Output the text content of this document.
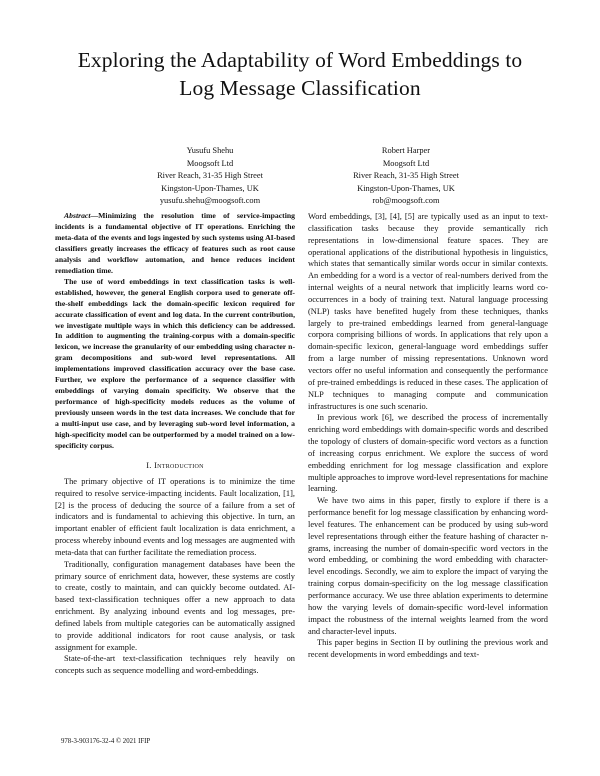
Exploring the Adaptability of Word Embeddings to
Log Message Classification
Yusufu Shehu
Moogsoft Ltd
River Reach, 31-35 High Street
Kingston-Upon-Thames, UK
yusufu.shehu@moogsoft.com
Robert Harper
Moogsoft Ltd
River Reach, 31-35 High Street
Kingston-Upon-Thames, UK
rob@moogsoft.com

Abstract—Minimizing the resolution time of service-impacting incidents is a fundamental objective of IT operations. Enriching the meta-data of the events and logs ingested by such systems using AI-based classifiers greatly increases the efficacy of features such as root cause analysis and workflow automation, and hence reduces incident remediation time.

The use of word embeddings in text classification tasks is well-established, however, the general English corpora used to generate off-the-shelf embeddings lack the domain-specific lexicon required for accurate classification of event and log data. In the current contribution, we investigate multiple ways in which this deficiency can be addressed. In addition to augmenting the training-corpus with a domain-specific lexicon, we increase the granularity of our embedding using character n-gram decompositions and sub-word level representations. All implementations improved classification accuracy over the base case. Further, we explore the performance of a sequence classifier with embeddings of varying domain specificity. We observe that the performance of high-specificity models reduces as the volume of previously unseen words in the test data increases. We conclude that for a multi-input use case, and by leveraging sub-word level information, a high-specificity model can be outperformed by a model trained on a low-specificity corpus.

I. Introduction

The primary objective of IT operations is to minimize the time required to resolve service-impacting incidents. Fault localization, [1], [2] is the process of deducing the source of a failure from a set of indicators and is fundamental to achieving this objective. In turn, an important enabler of efficient fault localization is data enrichment, a process whereby inbound events and log messages are augmented with meta-data that can further facilitate the remediation process.

Traditionally, configuration management databases have been the primary source of enrichment data, however, these systems are costly to create, costly to maintain, and can quickly become outdated. AI-based text-classification techniques offer a new approach to data enrichment. By analyzing inbound events and log messages, pre-defined labels from multiple categories can be automatically assigned to provide additional indicators for root cause analysis, or task assignment for example.

State-of-the-art text-classification techniques rely heavily on concepts such as sequence modelling and word-embeddings.

Word embeddings, [3], [4], [5] are typically used as an input to text-classification tasks because they provide semantically rich representations in low-dimensional feature spaces. They are operational applications of the distributional hypothesis in linguistics, which states that semantically similar words occur in similar contexts. An embedding for a word is a vector of real-numbers derived from the internal weights of a neural network that implicitly learns word co-occurrences in a body of training text. Natural language processing (NLP) tasks have benefited hugely from these techniques, thanks largely to pre-trained embeddings learned from general-language corpora comprising billions of words. In applications that rely upon a domain-specific lexicon, general-language word embeddings suffer from a large number of missing representations. Unknown word vectors offer no useful information and consequently the performance of pre-trained embeddings is reduced in these cases. The application of NLP techniques to managing compute and communication infrastructures is one such scenario.

In previous work [6], we described the process of incrementally enriching word embeddings with domain-specific words and described the topology of clusters of domain-specific word vectors as a function of increasing corpus enrichment. We explore the success of word embedding enrichment for log message classification and explore multiple approaches to improve word-level representations for machine learning.

We have two aims in this paper, firstly to explore if there is a performance benefit for log message classification by enhancing word-level features. The enhancement can be produced by using sub-word level representations through either the feature hashing of character n-grams, increasing the number of domain-specific word vectors in the word embedding, or combining the word embedding with character-level encodings. Secondly, we aim to explore the impact of varying the training corpus domain-specificity on the log message classification performance accuracy. We use three ablation experiments to determine how the varying levels of domain-specific word-level information impact the robustness of the internal weights learned from the word and character-level inputs.

This paper begins in Section II by outlining the previous work and recent developments in word embeddings and text-

978-3-903176-32-4 © 2021 IFIP
